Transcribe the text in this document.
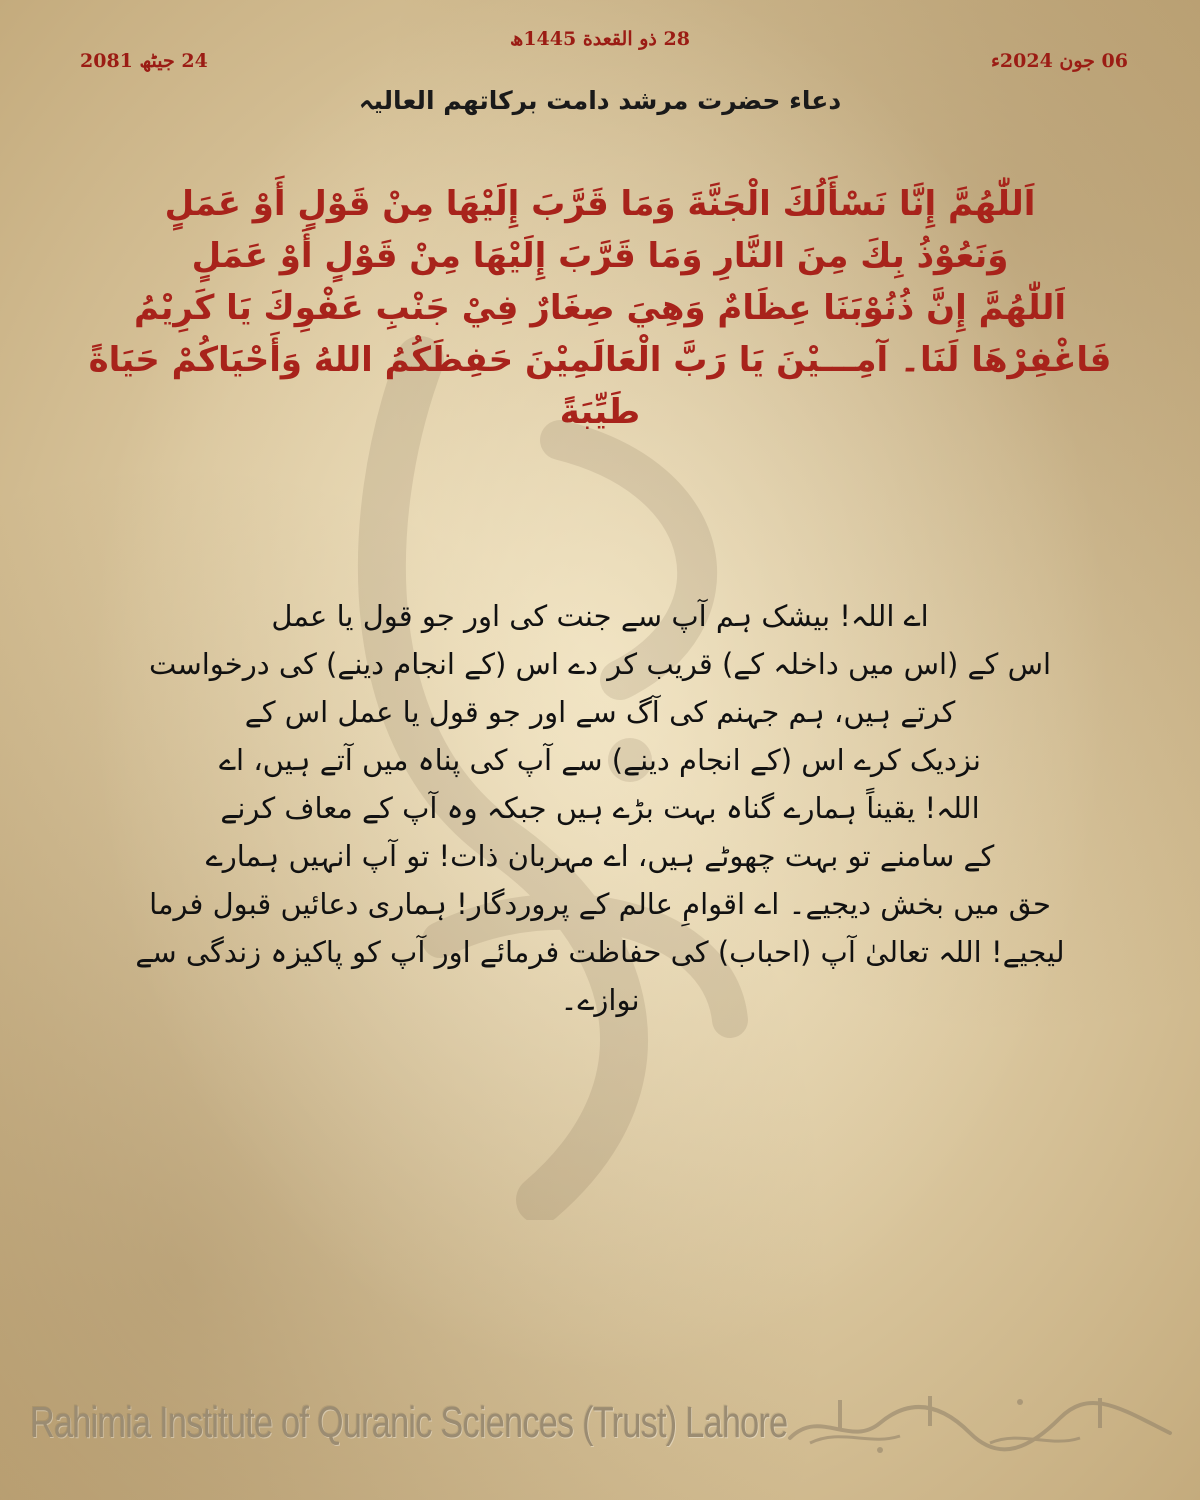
28 ذو القعدة 1445ھ
06 جون 2024ء
24 جیٹھ 2081
دعاء حضرت مرشد دامت برکاتھم العالیہ
اَللّٰھُمَّ إِنَّا نَسْأَلُكَ الْجَنَّةَ وَمَا قَرَّبَ إِلَيْهَا مِنْ قَوْلٍ أَوْ عَمَلٍ
وَنَعُوْذُ بِكَ مِنَ النَّارِ وَمَا قَرَّبَ إِلَيْهَا مِنْ قَوْلٍ أَوْ عَمَلٍ
اَللّٰھُمَّ إِنَّ ذُنُوْبَنَا عِظَامٌ وَهِيَ صِغَارٌ فِيْ جَنْبِ عَفْوِكَ يَا كَرِيْمُ
فَاغْفِرْهَا لَنَا۔ آمِـــيْنَ يَا رَبَّ الْعَالَمِيْنَ حَفِظَكُمُ اللهُ وَأَحْيَاكُمْ حَيَاةً
طَيِّبَةً
اے اللہ! بیشک ہم آپ سے جنت کی اور جو قول یا عمل
اس کے (اس میں داخلہ کے) قریب کر دے اس (کے انجام دینے) کی درخواست
کرتے ہیں، ہم جہنم کی آگ سے اور جو قول یا عمل اس کے
نزدیک کرے اس (کے انجام دینے) سے آپ کی پناہ میں آتے ہیں، اے
اللہ! یقیناً ہمارے گناہ بہت بڑے ہیں جبکہ وہ آپ کے معاف کرنے
کے سامنے تو بہت چھوٹے ہیں، اے مہربان ذات! تو آپ انہیں ہمارے
حق میں بخش دیجیے۔ اے اقوامِ عالم کے پروردگار! ہماری دعائیں قبول فرما
لیجیے! اللہ تعالیٰ آپ (احباب) کی حفاظت فرمائے اور آپ کو پاکیزہ زندگی سے
نوازے۔
Rahimia Institute of Quranic Sciences (Trust) Lahore
